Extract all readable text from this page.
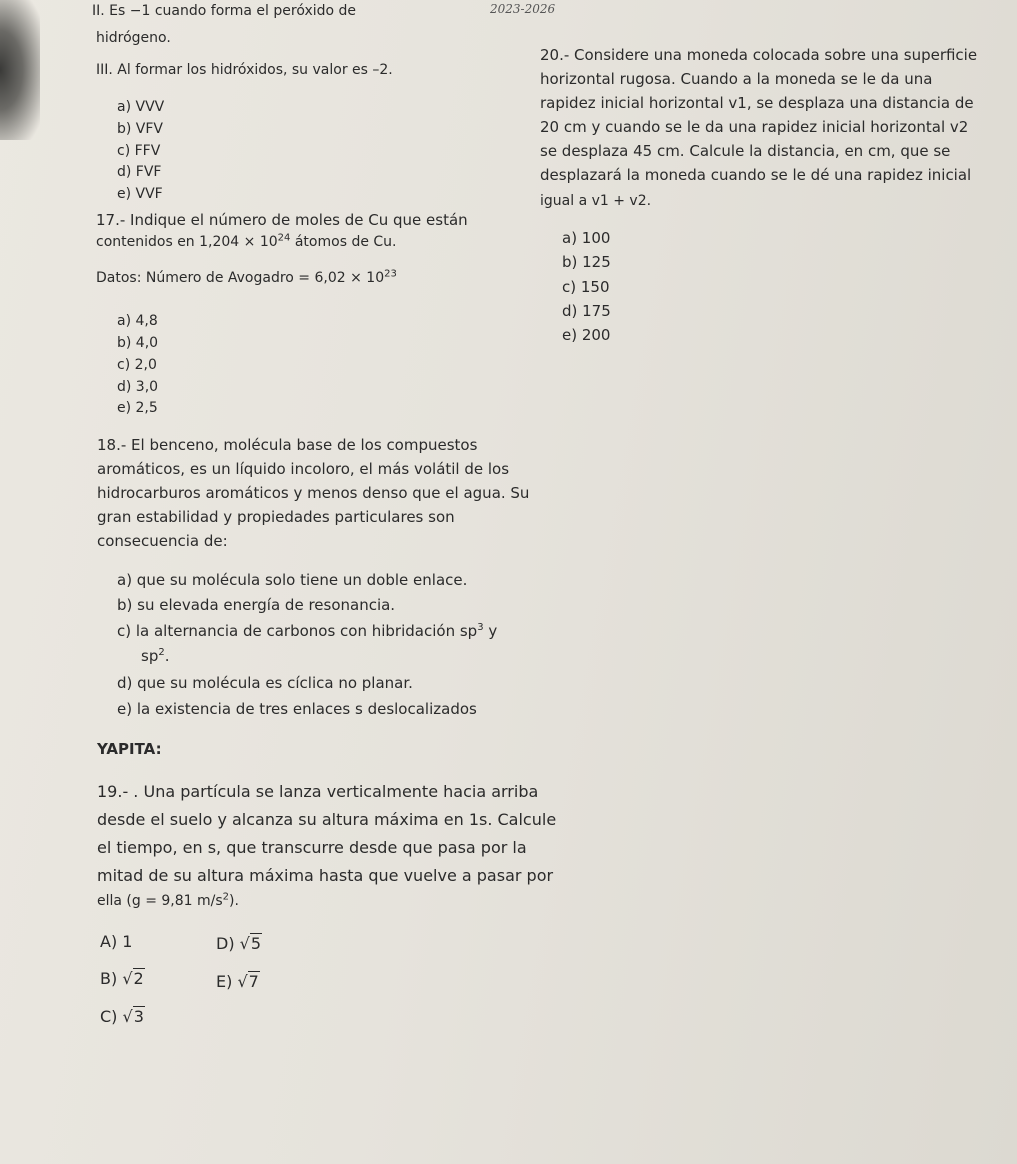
II. Es −1 cuando forma el peróxido de	2023-2026
hidrógeno.
III. Al formar los hidróxidos, su valor es –2.
a) VVV
b) VFV
c) FFV
d) FVF
e) VVF
17.- Indique el número de moles de Cu que están
contenidos en $1,204 \times 10^{24}$ átomos de Cu.
Datos: Número de Avogadro = $6,02 \times 10^{23}$
a) 4,8
b) 4,0
c) 2,0
d) 3,0
e) 2,5
18.- El benceno, molécula base de los compuestos
aromáticos, es un líquido incoloro, el más volátil de los
hidrocarburos aromáticos y menos denso que el agua. Su
gran estabilidad y propiedades particulares son
consecuencia de:
a) que su molécula solo tiene un doble enlace.
b) su elevada energía de resonancia.
c) la alternancia de carbonos con hibridación $sp^3$ y
$sp^2$.
d) que su molécula es cíclica no planar.
e) la existencia de tres enlaces s deslocalizados
YAPITA:
19.- . Una partícula se lanza verticalmente hacia arriba
desde el suelo y alcanza su altura máxima en 1s. Calcule
el tiempo, en s, que transcurre desde que pasa por la
mitad de su altura máxima hasta que vuelve a pasar por
ella (g = 9,81 $m/s^2$).
A) 1
B) √2
C) √3
D) √5
E) √7
20.- Considere una moneda colocada sobre una superficie
horizontal rugosa. Cuando a la moneda se le da una
rapidez inicial horizontal v1, se desplaza una distancia de
20 cm y cuando se le da una rapidez inicial horizontal v2
se desplaza 45 cm. Calcule la distancia, en cm, que se
desplazará la moneda cuando se le dé una rapidez inicial
igual a v1 + v2.
a) 100
b) 125
c) 150
d) 175
e) 200
